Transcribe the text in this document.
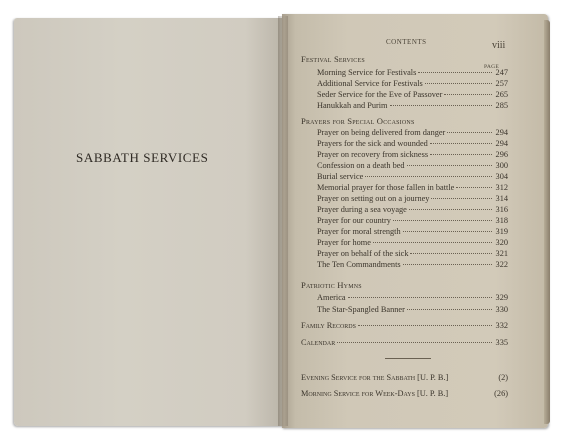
SABBATH SERVICES
CONTENTS	viii
Festival Services
PAGE
Morning Service for Festivals	247
Additional Service for Festivals	257
Seder Service for the Eve of Passover	265
Hanukkah and Purim	285
Prayers for Special Occasions
Prayer on being delivered from danger	294
Prayers for the sick and wounded	294
Prayer on recovery from sickness	296
Confession on a death bed	300
Burial service	304
Memorial prayer for those fallen in battle	312
Prayer on setting out on a journey	314
Prayer during a sea voyage	316
Prayer for our country	318
Prayer for moral strength	319
Prayer for home	320
Prayer on behalf of the sick	321
The Ten Commandments	322
Patriotic Hymns
America	329
The Star-Spangled Banner	330
Family Records	332
Calendar	335
Evening Service for the Sabbath [U. P. B.]	(2)
Morning Service for Week-Days [U. P. B.]	(26)
